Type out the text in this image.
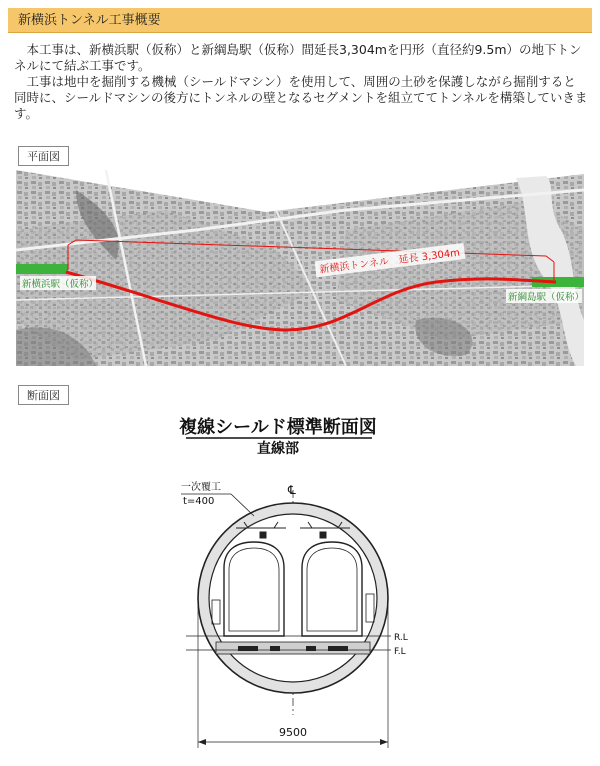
新横浜トンネル工事概要

本工事は、新横浜駅（仮称）と新綱島駅（仮称）間延長3,304mを円形（直径約9.5m）の地下トンネルにて結ぶ工事です。

工事は地中を掘削する機械（シールドマシン）を使用して、周囲の土砂を保護しながら掘削すると同時に、シールドマシンの後方にトンネルの壁となるセグメントを組立ててトンネルを構築していきます。

平面図
新横浜トンネル　延長 3,304m
新横浜駅（仮称）
新綱島駅（仮称）
断面図
複線シールド標準断面図
直線部
℄
一次覆工
t=400
R.L
F.L
9500
